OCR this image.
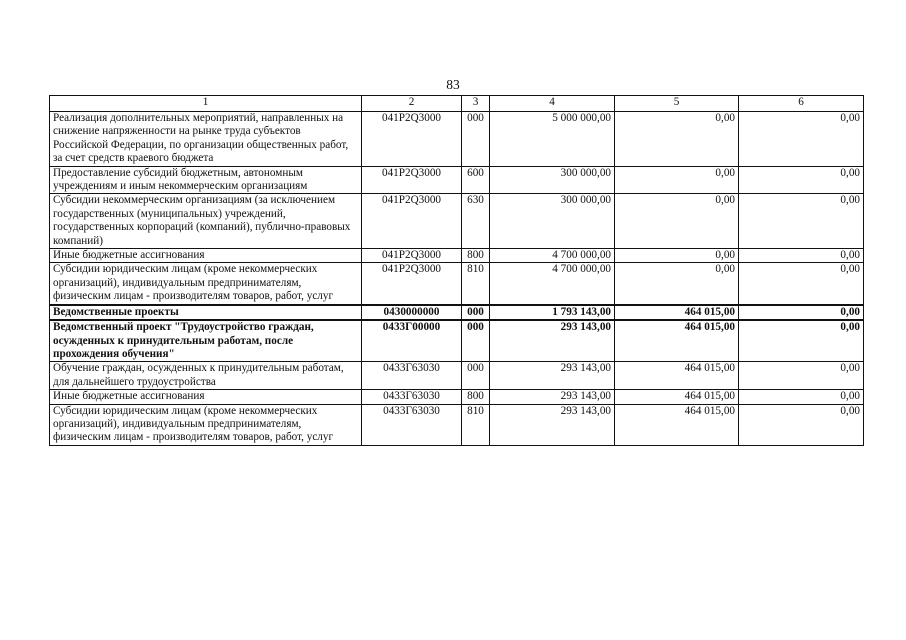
83
1	2	3	4	5	6
Реализация дополнительных мероприятий, направленных на снижение напряженности на рынке труда субъектов Российской Федерации, по организации общественных работ, за счет средств краевого бюджета	041P2Q3000	000	5 000 000,00	0,00	0,00
Предоставление субсидий бюджетным, автономным учреждениям и иным некоммерческим организациям	041P2Q3000	600	300 000,00	0,00	0,00
Субсидии некоммерческим организациям (за исключением государственных (муниципальных) учреждений, государственных корпораций (компаний), публично-правовых компаний)	041P2Q3000	630	300 000,00	0,00	0,00
Иные бюджетные ассигнования	041P2Q3000	800	4 700 000,00	0,00	0,00
Субсидии юридическим лицам (кроме некоммерческих организаций), индивидуальным предпринимателям, физическим лицам - производителям товаров, работ, услуг	041P2Q3000	810	4 700 000,00	0,00	0,00
Ведомственные проекты	0430000000	000	1 793 143,00	464 015,00	0,00
Ведомственный проект "Трудоустройство граждан, осужденных к принудительным работам, после прохождения обучения"	0433Г00000	000	293 143,00	464 015,00	0,00
Обучение граждан, осужденных к принудительным работам, для дальнейшего трудоустройства	0433Г63030	000	293 143,00	464 015,00	0,00
Иные бюджетные ассигнования	0433Г63030	800	293 143,00	464 015,00	0,00
Субсидии юридическим лицам (кроме некоммерческих организаций), индивидуальным предпринимателям, физическим лицам - производителям товаров, работ, услуг	0433Г63030	810	293 143,00	464 015,00	0,00
